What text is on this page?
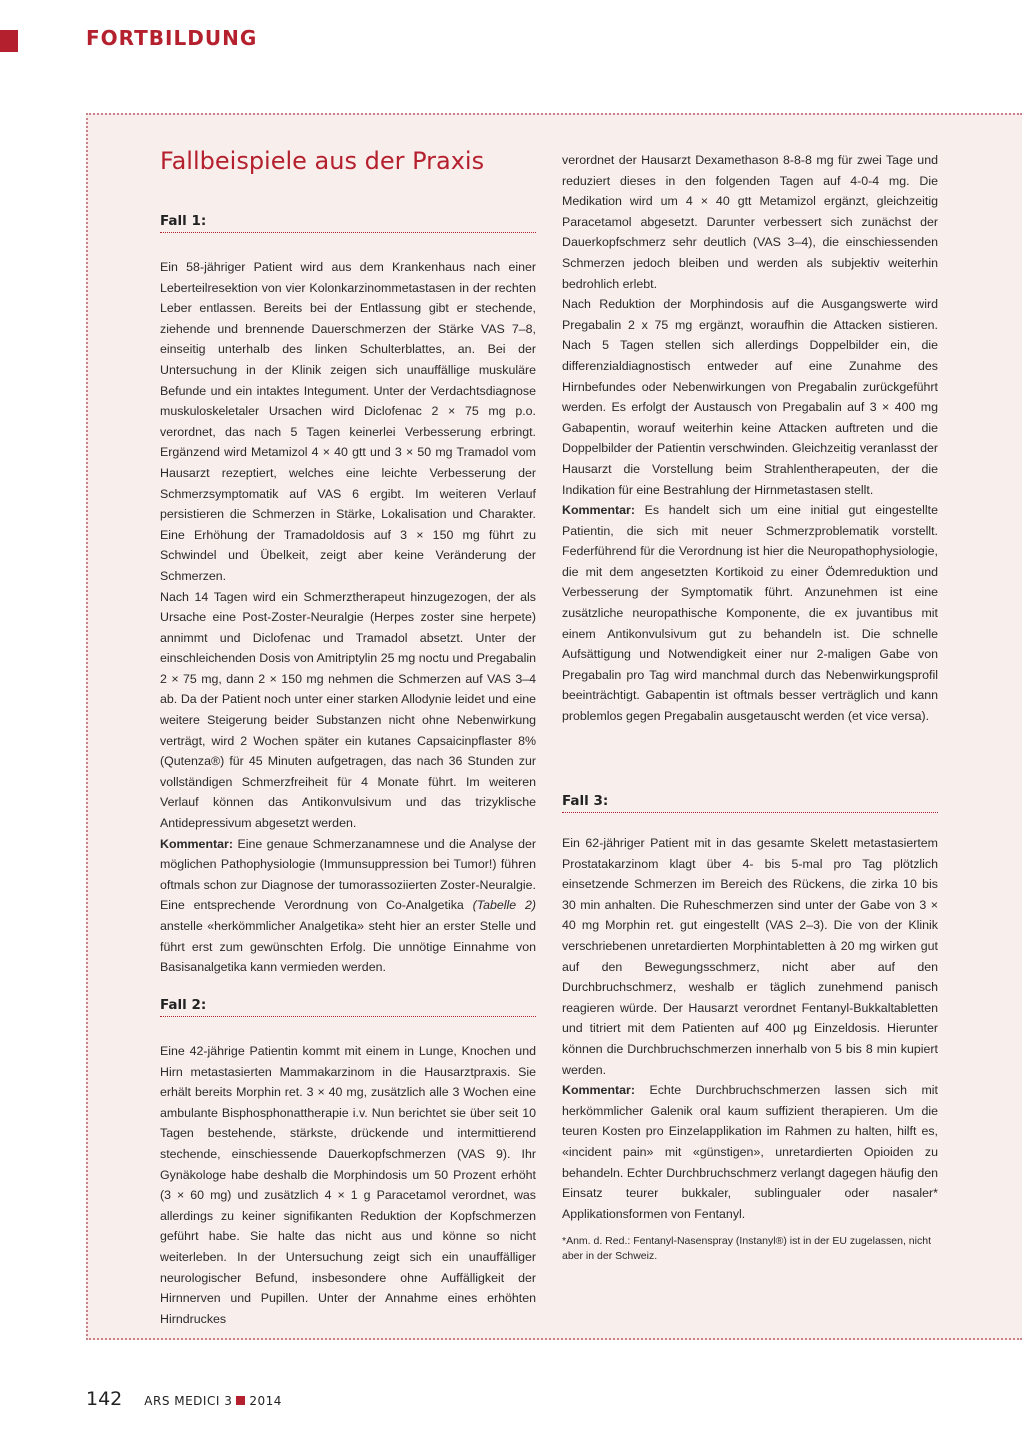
FORTBILDUNG
Fallbeispiele aus der Praxis
Fall 1:

Ein 58-jähriger Patient wird aus dem Krankenhaus nach einer Leberteilresektion von vier Kolonkarzinommetastasen in der rechten Leber entlassen. Bereits bei der Entlassung gibt er stechende, ziehende und brennende Dauerschmerzen der Stärke VAS 7–8, einseitig unterhalb des linken Schulterblattes, an. Bei der Untersuchung in der Klinik zeigen sich unauffällige muskuläre Befunde und ein intaktes Integument. Unter der Verdachtsdiagnose muskuloskeletaler Ursachen wird Diclofenac 2 × 75 mg p.o. verordnet, das nach 5 Tagen keinerlei Verbesserung erbringt. Ergänzend wird Metamizol 4 × 40 gtt und 3 × 50 mg Tramadol vom Hausarzt rezeptiert, welches eine leichte Verbesserung der Schmerzsymptomatik auf VAS 6 ergibt. Im weiteren Verlauf persistieren die Schmerzen in Stärke, Lokalisation und Charakter. Eine Erhöhung der Tramadoldosis auf 3 × 150 mg führt zu Schwindel und Übelkeit, zeigt aber keine Veränderung der Schmerzen.

Nach 14 Tagen wird ein Schmerztherapeut hinzugezogen, der als Ursache eine Post-Zoster-Neuralgie (Herpes zoster sine herpete) annimmt und Diclofenac und Tramadol absetzt. Unter der einschleichenden Dosis von Amitriptylin 25 mg noctu und Pregabalin 2 × 75 mg, dann 2 × 150 mg nehmen die Schmerzen auf VAS 3–4 ab. Da der Patient noch unter einer starken Allodynie leidet und eine weitere Steigerung beider Substanzen nicht ohne Nebenwirkung verträgt, wird 2 Wochen später ein kutanes Capsaicinpflaster 8% (Qutenza®) für 45 Minuten aufgetragen, das nach 36 Stunden zur vollständigen Schmerzfreiheit für 4 Monate führt. Im weiteren Verlauf können das Antikonvulsivum und das trizyklische Antidepressivum abgesetzt werden.

Kommentar: Eine genaue Schmerzanamnese und die Analyse der möglichen Pathophysiologie (Immunsuppression bei Tumor!) führen oftmals schon zur Diagnose der tumorassoziierten Zoster-Neuralgie. Eine entsprechende Verordnung von Co-Analgetika (Tabelle 2) anstelle «herkömmlicher Analgetika» steht hier an erster Stelle und führt erst zum gewünschten Erfolg. Die unnötige Einnahme von Basisanalgetika kann vermieden werden.

Fall 2:

Eine 42-jährige Patientin kommt mit einem in Lunge, Knochen und Hirn metastasierten Mammakarzinom in die Hausarztpraxis. Sie erhält bereits Morphin ret. 3 × 40 mg, zusätzlich alle 3 Wochen eine ambulante Bisphosphonattherapie i.v. Nun berichtet sie über seit 10 Tagen bestehende, stärkste, drückende und intermittierend stechende, einschiessende Dauerkopfschmerzen (VAS 9). Ihr Gynäkologe habe deshalb die Morphindosis um 50 Prozent erhöht (3 × 60 mg) und zusätzlich 4 × 1 g Paracetamol verordnet, was allerdings zu keiner signifikanten Reduktion der Kopfschmerzen geführt habe. Sie halte das nicht aus und könne so nicht weiterleben. In der Untersuchung zeigt sich ein unauffälliger neurologischer Befund, insbesondere ohne Auffälligkeit der Hirnnerven und Pupillen. Unter der Annahme eines erhöhten Hirndruckes

verordnet der Hausarzt Dexamethason 8-8-8 mg für zwei Tage und reduziert dieses in den folgenden Tagen auf 4-0-4 mg. Die Medikation wird um 4 × 40 gtt Metamizol ergänzt, gleichzeitig Paracetamol abgesetzt. Darunter verbessert sich zunächst der Dauerkopfschmerz sehr deutlich (VAS 3–4), die einschiessenden Schmerzen jedoch bleiben und werden als subjektiv weiterhin bedrohlich erlebt.

Nach Reduktion der Morphindosis auf die Ausgangswerte wird Pregabalin 2 x 75 mg ergänzt, woraufhin die Attacken sistieren. Nach 5 Tagen stellen sich allerdings Doppelbilder ein, die differenzialdiagnostisch entweder auf eine Zunahme des Hirnbefundes oder Nebenwirkungen von Pregabalin zurückgeführt werden. Es erfolgt der Austausch von Pregabalin auf 3 × 400 mg Gabapentin, worauf weiterhin keine Attacken auftreten und die Doppelbilder der Patientin verschwinden. Gleichzeitig veranlasst der Hausarzt die Vorstellung beim Strahlentherapeuten, der die Indikation für eine Bestrahlung der Hirnmetastasen stellt.

Kommentar: Es handelt sich um eine initial gut eingestellte Patientin, die sich mit neuer Schmerzproblematik vorstellt. Federführend für die Verordnung ist hier die Neuropathophysiologie, die mit dem angesetzten Kortikoid zu einer Ödemreduktion und Verbesserung der Symptomatik führt. Anzunehmen ist eine zusätzliche neuropathische Komponente, die ex juvantibus mit einem Antikonvulsivum gut zu behandeln ist. Die schnelle Aufsättigung und Notwendigkeit einer nur 2-maligen Gabe von Pregabalin pro Tag wird manchmal durch das Nebenwirkungsprofil beeinträchtigt. Gabapentin ist oftmals besser verträglich und kann problemlos gegen Pregabalin ausgetauscht werden (et vice versa).

Fall 3:

Ein 62-jähriger Patient mit in das gesamte Skelett metastasiertem Prostatakarzinom klagt über 4- bis 5-mal pro Tag plötzlich einsetzende Schmerzen im Bereich des Rückens, die zirka 10 bis 30 min anhalten. Die Ruheschmerzen sind unter der Gabe von 3 × 40 mg Morphin ret. gut eingestellt (VAS 2–3). Die von der Klinik verschriebenen unretardierten Morphintabletten à 20 mg wirken gut auf den Bewegungsschmerz, nicht aber auf den Durchbruchschmerz, weshalb er täglich zunehmend panisch reagieren würde. Der Hausarzt verordnet Fentanyl-Bukkaltabletten und titriert mit dem Patienten auf 400 µg Einzeldosis. Hierunter können die Durchbruchschmerzen innerhalb von 5 bis 8 min kupiert werden.

Kommentar: Echte Durchbruchschmerzen lassen sich mit herkömmlicher Galenik oral kaum suffizient therapieren. Um die teuren Kosten pro Einzelapplikation im Rahmen zu halten, hilft es, «incident pain» mit «günstigen», unretardierten Opioiden zu behandeln. Echter Durchbruchschmerz verlangt dagegen häufig den Einsatz teurer bukkaler, sublingualer oder nasaler* Applikationsformen von Fentanyl.

*Anm. d. Red.: Fentanyl-Nasenspray (Instanyl®) ist in der EU zugelassen, nicht aber in der Schweiz.

142 ARS MEDICI 3 2014
